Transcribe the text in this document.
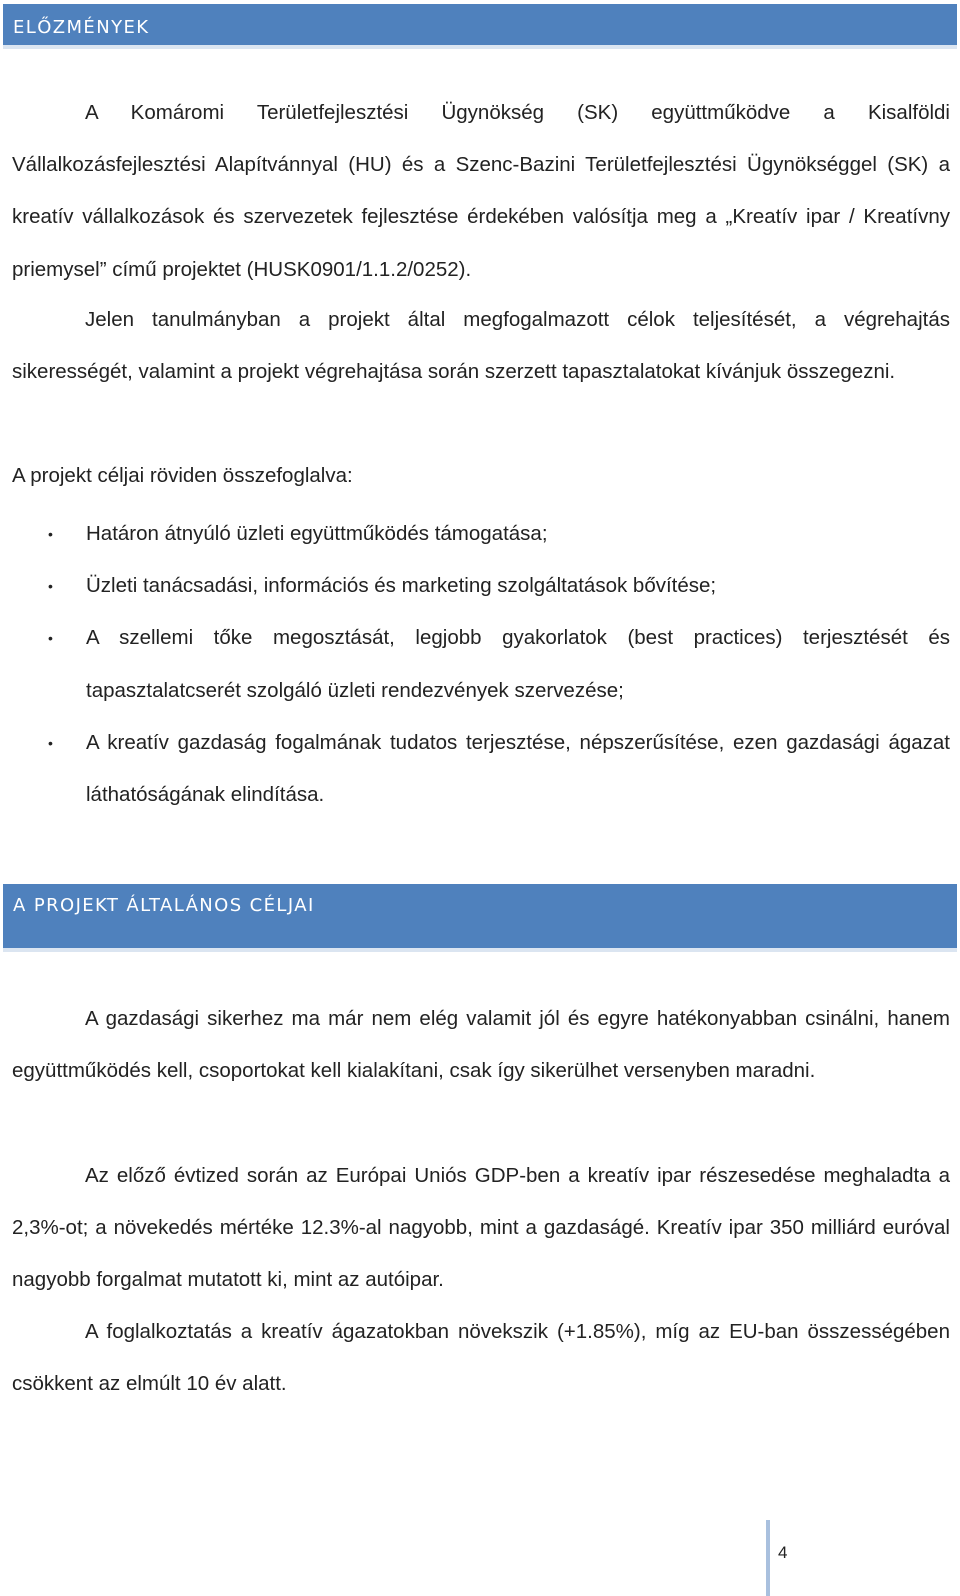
ELŐZMÉNYEK

A Komáromi Területfejlesztési Ügynökség (SK) együttműködve a Kisalföldi Vállalkozásfejlesztési Alapítvánnyal (HU) és a Szenc-Bazini Területfejlesztési Ügynökséggel (SK) a kreatív vállalkozások és szervezetek fejlesztése érdekében valósítja meg a „Kreatív ipar / Kreatívny priemysel” című projektet (HUSK0901/1.1.2/0252).

Jelen tanulmányban a projekt által megfogalmazott célok teljesítését, a végrehajtás sikerességét, valamint a projekt végrehajtása során szerzett tapasztalatokat kívánjuk összegezni.

A projekt céljai röviden összefoglalva:

• Határon átnyúló üzleti együttműködés támogatása;
• Üzleti tanácsadási, információs és marketing szolgáltatások bővítése;
• A szellemi tőke megosztását, legjobb gyakorlatok (best practices) terjesztését és tapasztalatcserét szolgáló üzleti rendezvények szervezése;
• A kreatív gazdaság fogalmának tudatos terjesztése, népszerűsítése, ezen gazdasági ágazat láthatóságának elindítása.
A PROJEKT ÁLTALÁNOS CÉLJAI

A gazdasági sikerhez ma már nem elég valamit jól és egyre hatékonyabban csinálni, hanem együttműködés kell, csoportokat kell kialakítani, csak így sikerülhet versenyben maradni.

Az előző évtized során az Európai Uniós GDP-ben a kreatív ipar részesedése meghaladta a 2,3%-ot; a növekedés mértéke 12.3%-al nagyobb, mint a gazdaságé. Kreatív ipar 350 milliárd euróval nagyobb forgalmat mutatott ki, mint az autóipar.

A foglalkoztatás a kreatív ágazatokban növekszik (+1.85%), míg az EU-ban összességében csökkent az elmúlt 10 év alatt.

4
